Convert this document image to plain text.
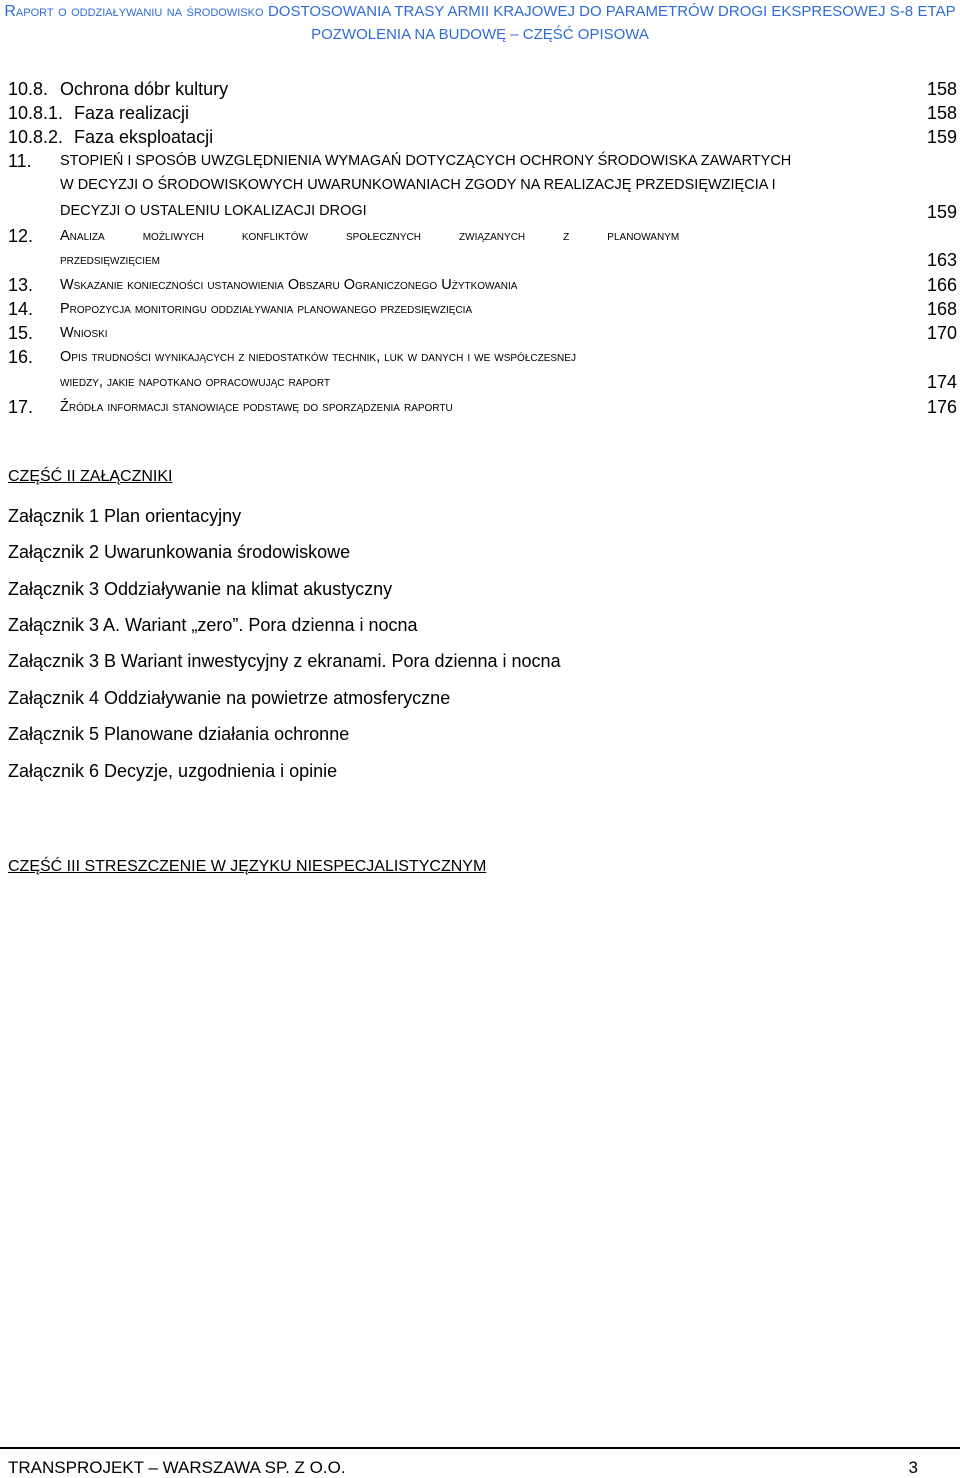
Raport o oddziaływaniu na środowisko DOSTOSOWANIA TRASY ARMII KRAJOWEJ DO PARAMETRÓW DROGI EKSPRESOWEJ S-8 ETAP POZWOLENIA NA BUDOWĘ – CZĘŚĆ OPISOWA
10.8. Ochrona dóbr kultury	158
10.8.1. Faza realizacji	158
10.8.2. Faza eksploatacji	159
11. STOPIEŃ I SPOSÓB UWZGLĘDNIENIA WYMAGAŃ DOTYCZĄCYCH OCHRONY ŚRODOWISKA ZAWARTYCH
W DECYZJI O ŚRODOWISKOWYCH UWARUNKOWANIACH ZGODY NA REALIZACJĘ PRZEDSIĘWZIĘCIA I
DECYZJI O USTALENIU LOKALIZACJI DROGI	159
12. Analiza możliwych konfliktów społecznych związanych z planowanym
przedsięwzięciem	163
13. Wskazanie konieczności ustanowienia Obszaru Ograniczonego Użytkowania	166
14. Propozycja monitoringu oddziaływania planowanego przedsięwzięcia	168
15. Wnioski	170
16. Opis trudności wynikających z niedostatków technik, luk w danych i we współczesnej
wiedzy, jakie napotkano opracowując raport	174
17. Źródła informacji stanowiące podstawę do sporządzenia raportu	176
CZĘŚĆ II ZAŁĄCZNIKI
Załącznik 1 Plan orientacyjny
Załącznik 2 Uwarunkowania środowiskowe
Załącznik 3 Oddziaływanie na klimat akustyczny
Załącznik 3 A. Wariant „zero”. Pora dzienna i nocna
Załącznik 3 B Wariant inwestycyjny z ekranami. Pora dzienna i nocna
Załącznik 4 Oddziaływanie na powietrze atmosferyczne
Załącznik 5 Planowane działania ochronne
Załącznik 6 Decyzje, uzgodnienia i opinie
CZĘŚĆ III STRESZCZENIE W JĘZYKU NIESPECJALISTYCZNYM
TRANSPROJEKT – WARSZAWA SP. Z O.O.	3
